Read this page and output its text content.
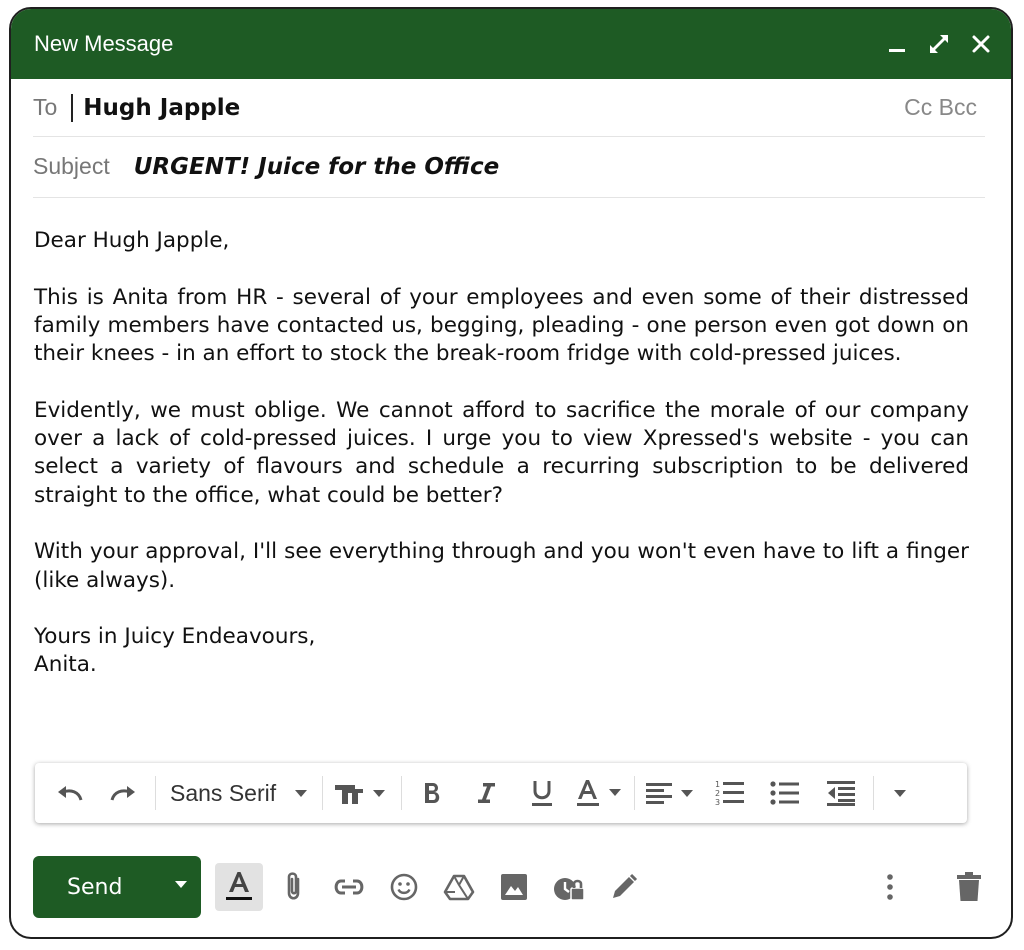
New Message
To Hugh Japple	Cc Bcc
Subject URGENT! Juice for the Office

Dear Hugh Japple,

This is Anita from HR - several of your employees and even some of their distressed family members have contacted us, begging, pleading - one person even got down on their knees - in an effort to stock the break-room fridge with cold-pressed juices.

Evidently, we must oblige. We cannot afford to sacrifice the morale of our company over a lack of cold-pressed juices. I urge you to view Xpressed's website - you can select a variety of flavours and schedule a recurring subscription to be delivered straight to the office, what could be better?

With your approval, I'll see everything through and you won't even have to lift a finger (like always).

Yours in Juicy Endeavours,
Anita.

Sans Serif	1
2
3
Send
